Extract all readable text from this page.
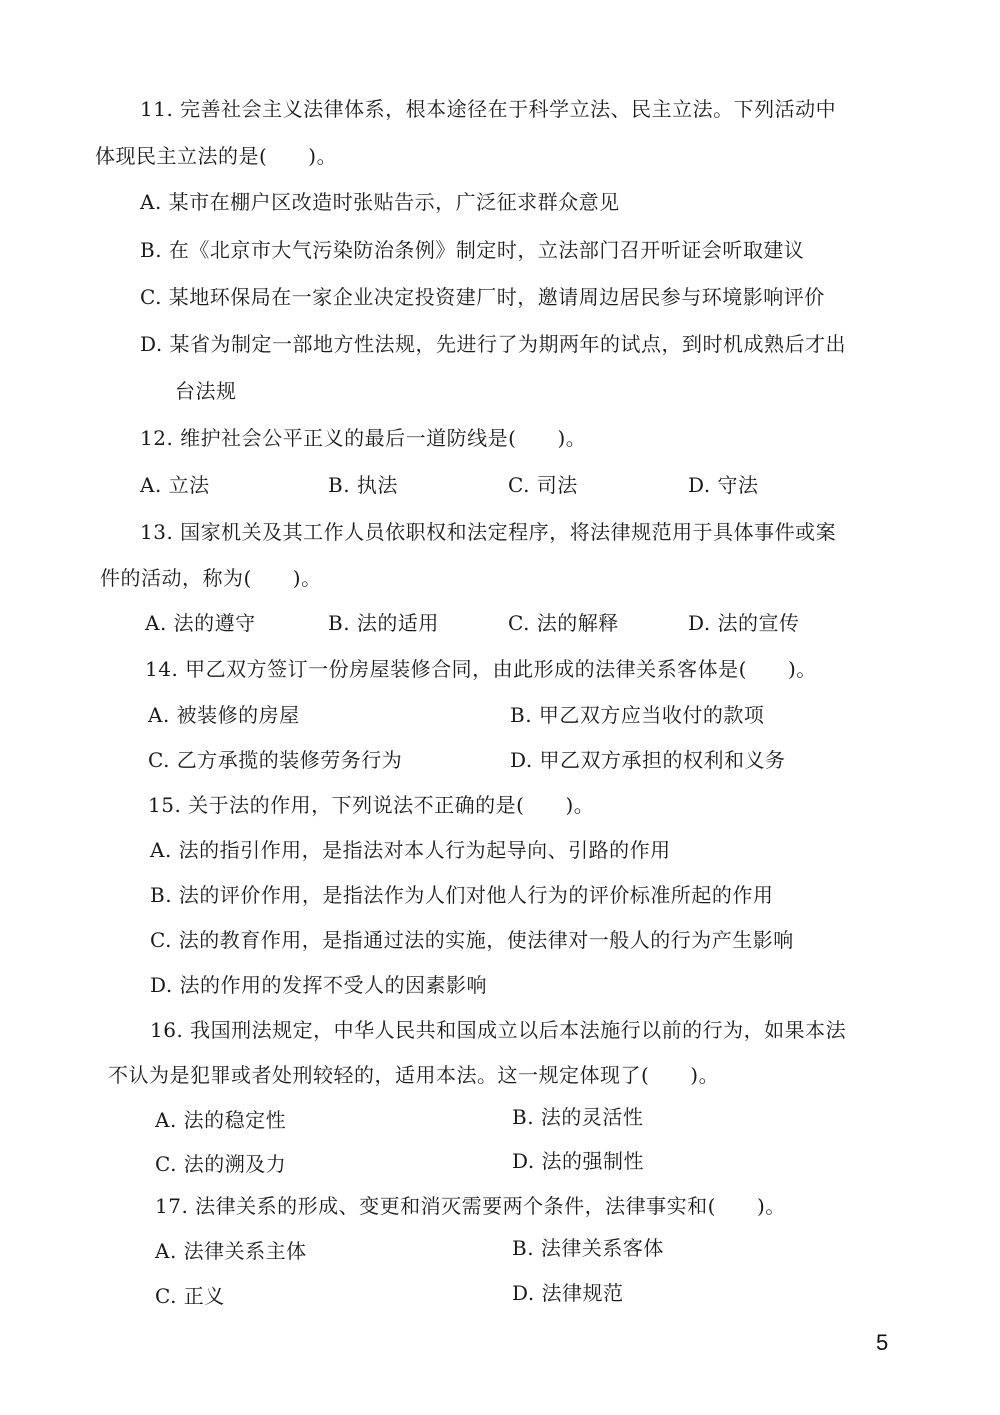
11. 完善社会主义法律体系，根本途径在于科学立法、民主立法。下列活动中
体现民主立法的是(　　)。
A. 某市在棚户区改造时张贴告示，广泛征求群众意见
B. 在《北京市大气污染防治条例》制定时，立法部门召开听证会听取建议
C. 某地环保局在一家企业决定投资建厂时，邀请周边居民参与环境影响评价
D. 某省为制定一部地方性法规，先进行了为期两年的试点，到时机成熟后才出
台法规
12. 维护社会公平正义的最后一道防线是(　　)。
A. 立法	B. 执法	C. 司法	D. 守法
13. 国家机关及其工作人员依职权和法定程序，将法律规范用于具体事件或案
件的活动，称为(　　)。
A. 法的遵守	B. 法的适用	C. 法的解释	D. 法的宣传
14. 甲乙双方签订一份房屋装修合同，由此形成的法律关系客体是(　　)。
A. 被装修的房屋	B. 甲乙双方应当收付的款项
C. 乙方承揽的装修劳务行为	D. 甲乙双方承担的权利和义务
15. 关于法的作用，下列说法不正确的是(　　)。
A. 法的指引作用，是指法对本人行为起导向、引路的作用
B. 法的评价作用，是指法作为人们对他人行为的评价标准所起的作用
C. 法的教育作用，是指通过法的实施，使法律对一般人的行为产生影响
D. 法的作用的发挥不受人的因素影响
16. 我国刑法规定，中华人民共和国成立以后本法施行以前的行为，如果本法
不认为是犯罪或者处刑较轻的，适用本法。这一规定体现了(　　)。
A. 法的稳定性	B. 法的灵活性
C. 法的溯及力	D. 法的强制性
17. 法律关系的形成、变更和消灭需要两个条件，法律事实和(　　)。
A. 法律关系主体	B. 法律关系客体
C. 正义	D. 法律规范
5
